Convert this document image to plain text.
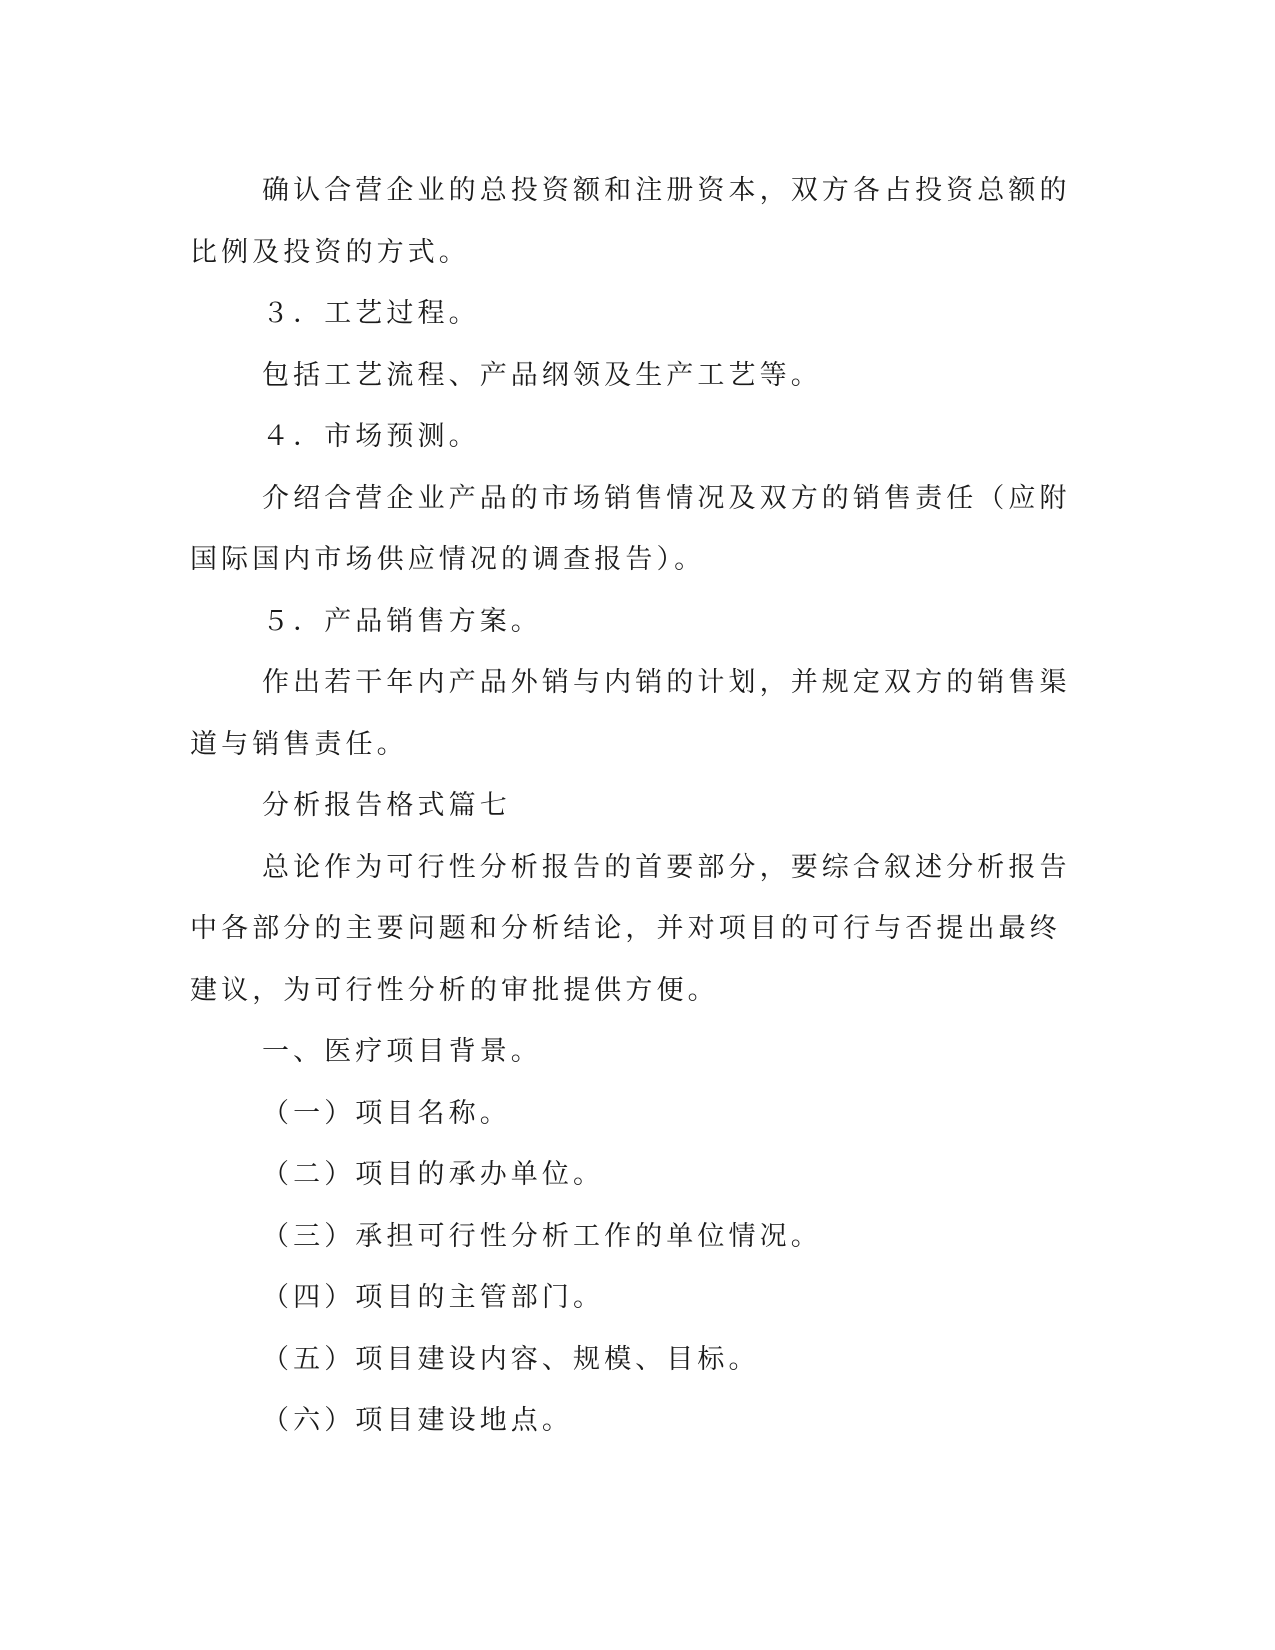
确认合营企业的总投资额和注册资本，双方各占投资总额的比例及投资的方式。

３．工艺过程。

包括工艺流程、产品纲领及生产工艺等。

４．市场预测。

介绍合营企业产品的市场销售情况及双方的销售责任（应附国际国内市场供应情况的调查报告）。

５．产品销售方案。

作出若干年内产品外销与内销的计划，并规定双方的销售渠道与销售责任。

分析报告格式篇七

总论作为可行性分析报告的首要部分，要综合叙述分析报告中各部分的主要问题和分析结论，并对项目的可行与否提出最终建议，为可行性分析的审批提供方便。

一、医疗项目背景。

（一）项目名称。

（二）项目的承办单位。

（三）承担可行性分析工作的单位情况。

（四）项目的主管部门。

（五）项目建设内容、规模、目标。

（六）项目建设地点。
